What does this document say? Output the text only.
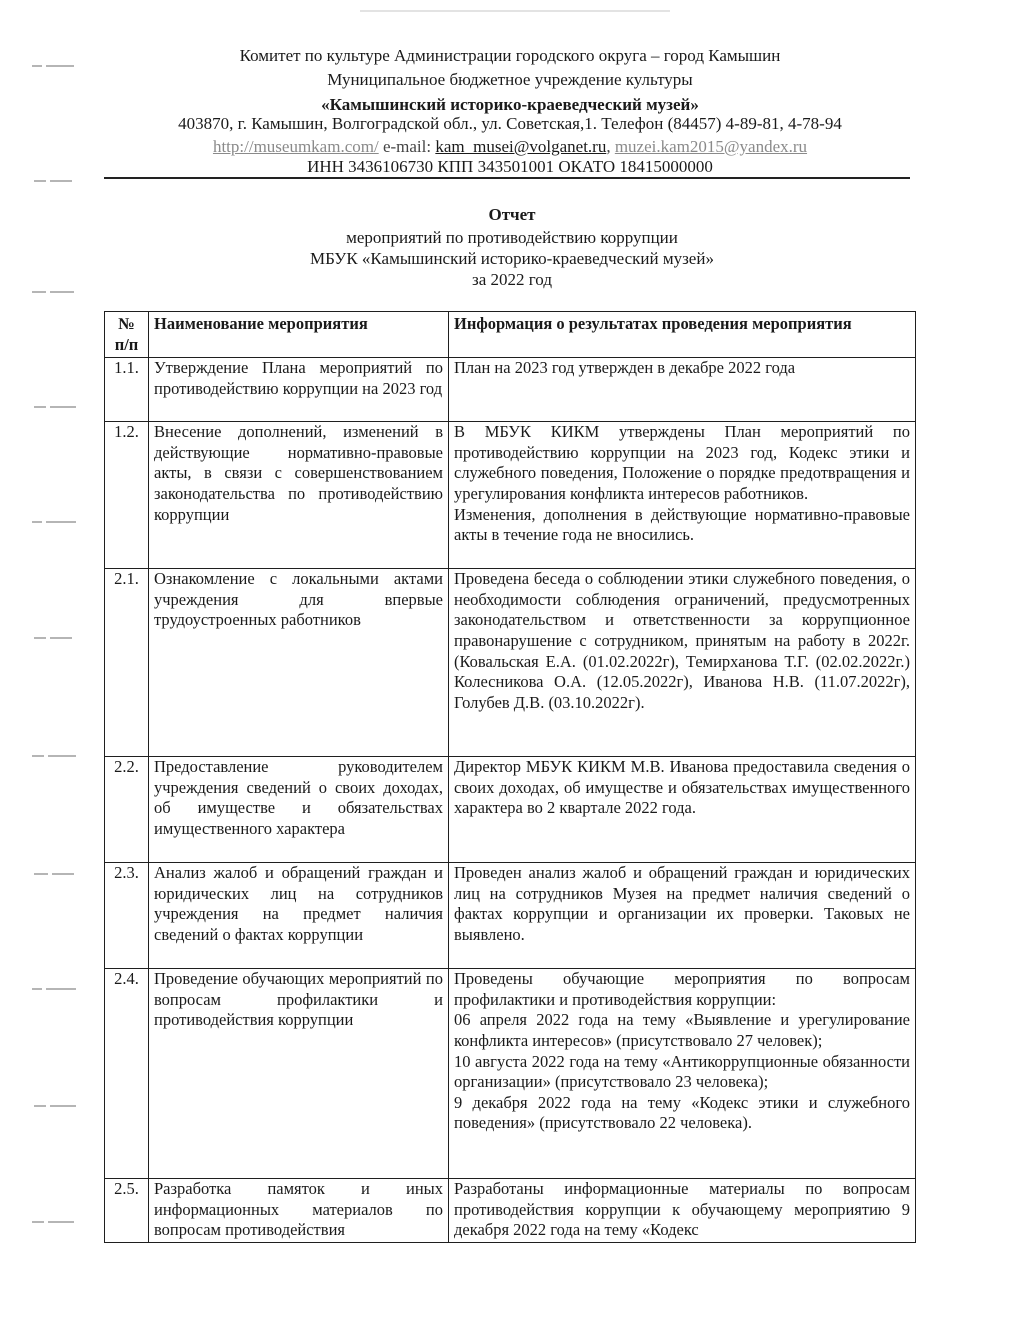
Комитет по культуре Администрации городского округа – город Камышин
Муниципальное бюджетное учреждение культуры
«Камышинский историко-краеведческий музей»
403870, г. Камышин, Волгоградской обл., ул. Советская,1. Телефон (84457) 4-89-81, 4-78-94
http://museumkam.com/ e-mail: kam_musei@volganet.ru, muzei.kam2015@yandex.ru
ИНН 3436106730 КПП 343501001 ОКАТО 18415000000
Отчет
мероприятий по противодействию коррупции
МБУК «Камышинский историко-краеведческий музей»
за 2022 год
№ п/п	Наименование мероприятия	Информация о результатах проведения мероприятия
1.1.	Утверждение Плана мероприятий по противодействию коррупции на 2023 год	План на 2023 год утвержден в декабре 2022 года

1.2.	Внесение дополнений, изменений в действующие нормативно-правовые акты, в связи с совершенствованием законодательства по противодействию коррупции	В МБУК КИКМ утверждены План мероприятий по противодействию коррупции на 2023 год, Кодекс этики и служебного поведения, Положение о порядке предотвращения и урегулирования конфликта интересов работников.
Изменения, дополнения в действующие нормативно-правовые акты в течение года не вносились.

2.1.	Ознакомление с локальными актами учреждения для впервые трудоустроенных работников	Проведена беседа о соблюдении этики служебного поведения, о необходимости соблюдения ограничений, предусмотренных законодательством и ответственности за коррупционное правонарушение с сотрудником, принятым на работу в 2022г. (Ковальская Е.А. (01.02.2022г), Темирханова Т.Г. (02.02.2022г.) Колесникова О.А. (12.05.2022г), Иванова Н.В. (11.07.2022г), Голубев Д.В. (03.10.2022г).

2.2.	Предоставление руководителем учреждения сведений о своих доходах, об имуществе и обязательствах имущественного характера	Директор МБУК КИКМ М.В. Иванова предоставила сведения о своих доходах, об имуществе и обязательствах имущественного характера во 2 квартале 2022 года.

2.3.	Анализ жалоб и обращений граждан и юридических лиц на сотрудников учреждения на предмет наличия сведений о фактах коррупции	Проведен анализ жалоб и обращений граждан и юридических лиц на сотрудников Музея на предмет наличия сведений о фактах коррупции и организации их проверки. Таковых не выявлено.

2.4.	Проведение обучающих мероприятий по вопросам профилактики и противодействия коррупции	Проведены обучающие мероприятия по вопросам профилактики и противодействия коррупции:
06 апреля 2022 года на тему «Выявление и урегулирование конфликта интересов» (присутствовало 27 человек);
10 августа 2022 года на тему «Антикоррупционные обязанности организации» (присутствовало 23 человека);
9 декабря 2022 года на тему «Кодекс этики и служебного поведения» (присутствовало 22 человека).

2.5.	Разработка памяток и иных информационных материалов по вопросам противодействия	Разработаны информационные материалы по вопросам противодействия коррупции к обучающему мероприятию 9 декабря 2022 года на тему «Кодекс
